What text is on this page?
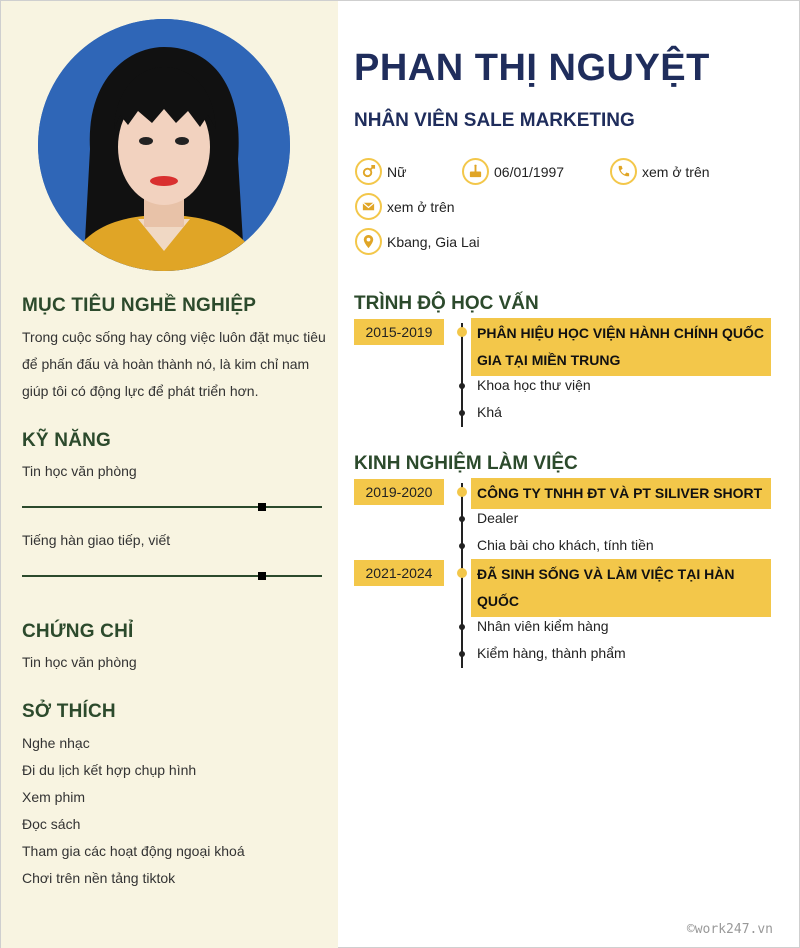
MỤC TIÊU NGHỀ NGHIỆP
Trong cuộc sống hay công việc luôn đặt mục tiêu để phấn đấu và hoàn thành nó, là kim chỉ nam giúp tôi có động lực để phát triển hơn.
KỸ NĂNG
Tin học văn phòng
Tiếng hàn giao tiếp, viết
CHỨNG CHỈ
Tin học văn phòng
SỞ THÍCH
Nghe nhạc
Đi du lịch kết hợp chụp hình
Xem phim
Đọc sách
Tham gia các hoạt động ngoại khoá
Chơi trên nền tảng tiktok
PHAN THỊ NGUYỆT
NHÂN VIÊN SALE MARKETING
Nữ	06/01/1997	xem ở trên
xem ở trên
Kbang, Gia Lai
TRÌNH ĐỘ HỌC VẤN
2015-2019	PHÂN HIỆU HỌC VIỆN HÀNH CHÍNH QUỐC GIA TẠI MIỀN TRUNG
Khoa học thư viện
Khá
KINH NGHIỆM LÀM VIỆC
2019-2020	CÔNG TY TNHH ĐT VÀ PT SILIVER SHORT
Dealer
Chia bài cho khách, tính tiền
2021-2024	ĐÃ SINH SỐNG VÀ LÀM VIỆC TẠI HÀN QUỐC
Nhân viên kiểm hàng
Kiểm hàng, thành phẩm
©work247.vn
